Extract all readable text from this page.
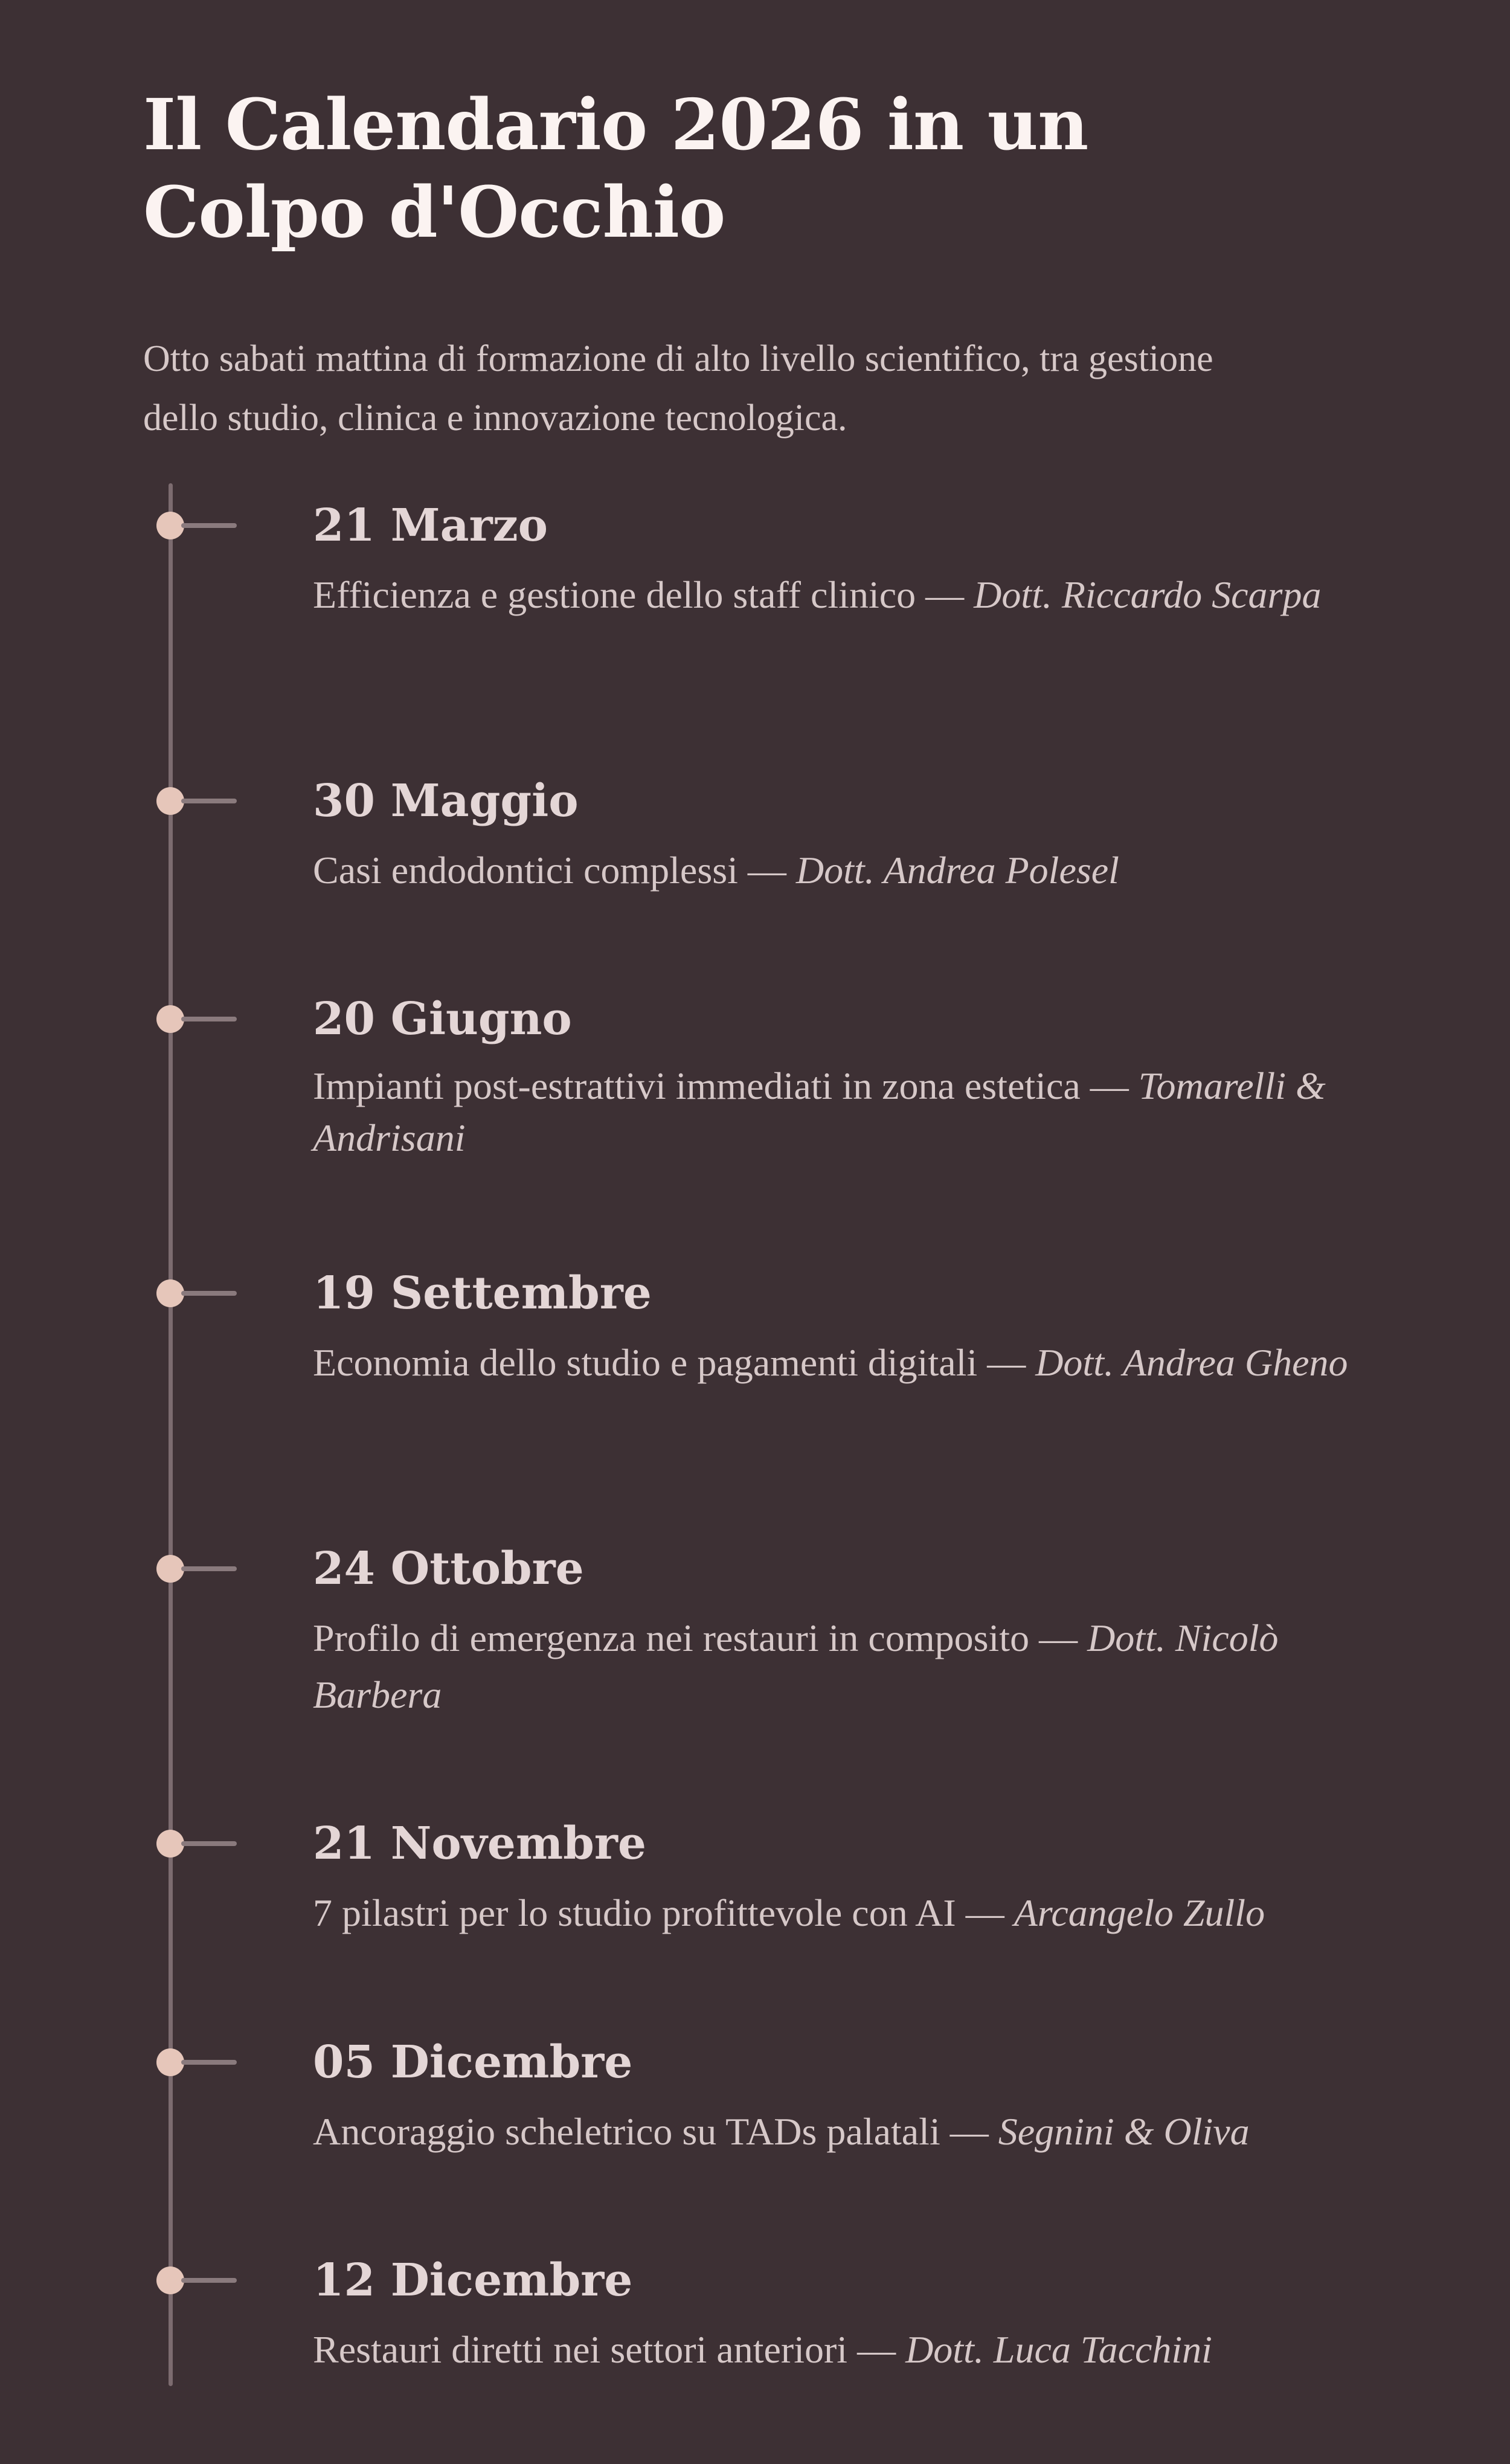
Il Calendario 2026 in un Colpo d'Occhio

Otto sabati mattina di formazione di alto livello scientifico, tra gestione dello studio, clinica e innovazione tecnologica.

21 Marzo

Efficienza e gestione dello staff clinico — Dott. Riccardo Scarpa

30 Maggio

Casi endodontici complessi — Dott. Andrea Polesel

20 Giugno

Impianti post-estrattivi immediati in zona estetica — Tomarelli & Andrisani

19 Settembre

Economia dello studio e pagamenti digitali — Dott. Andrea Gheno

24 Ottobre

Profilo di emergenza nei restauri in composito — Dott. Nicolò Barbera

21 Novembre

7 pilastri per lo studio profittevole con AI — Arcangelo Zullo

05 Dicembre

Ancoraggio scheletrico su TADs palatali — Segnini & Oliva

12 Dicembre

Restauri diretti nei settori anteriori — Dott. Luca Tacchini
